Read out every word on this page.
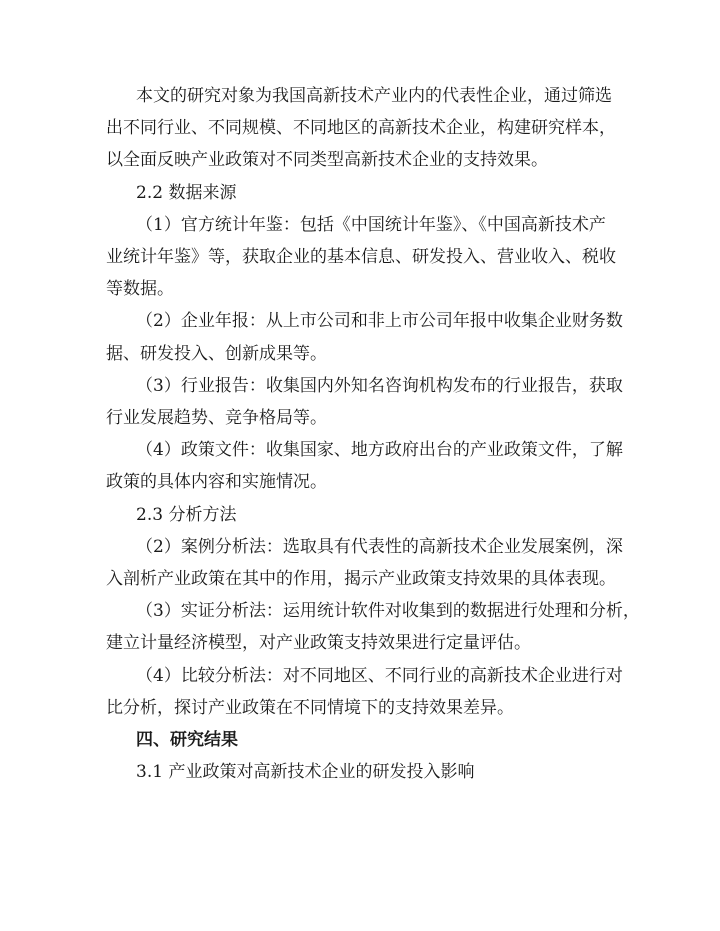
本文的研究对象为我国高新技术产业内的代表性企业，通过筛选
出不同行业、不同规模、不同地区的高新技术企业，构建研究样本，
以全面反映产业政策对不同类型高新技术企业的支持效果。
2.2 数据来源
（1）官方统计年鉴：包括《中国统计年鉴》、《中国高新技术产
业统计年鉴》等，获取企业的基本信息、研发投入、营业收入、税收
等数据。
（2）企业年报：从上市公司和非上市公司年报中收集企业财务数
据、研发投入、创新成果等。
（3）行业报告：收集国内外知名咨询机构发布的行业报告，获取
行业发展趋势、竞争格局等。
（4）政策文件：收集国家、地方政府出台的产业政策文件，了解
政策的具体内容和实施情况。
2.3 分析方法
（2）案例分析法：选取具有代表性的高新技术企业发展案例，深
入剖析产业政策在其中的作用，揭示产业政策支持效果的具体表现。
（3）实证分析法：运用统计软件对收集到的数据进行处理和分析，
建立计量经济模型，对产业政策支持效果进行定量评估。
（4）比较分析法：对不同地区、不同行业的高新技术企业进行对
比分析，探讨产业政策在不同情境下的支持效果差异。
四、研究结果
3.1 产业政策对高新技术企业的研发投入影响
